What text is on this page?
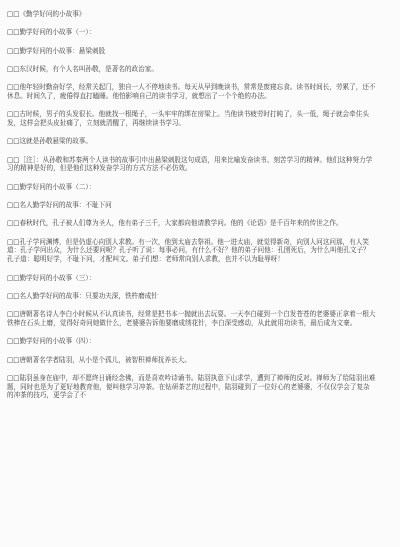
□□《勤学好问的小故事》

□□勤学好问的小故事（一）：

□□勤学好问的小故事：悬梁刺股

□□东汉时候，有个人名叫孙敬，是著名的政治家。

□□他年轻时勤奋好学，经常关起门，独自一人不停地读书。每天从早到晚读书，常常是废寝忘食。读书时间长，劳累了，还不休息。时间久了，疲倦得直打瞌睡。他怕影响自己的读书学习，就想出了一个个绝的办法。

□□古时候，男子的头发很长。他就找一根绳子，一头牢牢的绑在房梁上。当他读书疲劳时打盹了，头一低，绳子就会牵住头发，这样会把头皮扯痛了，立刻就清醒了，再继续读书学习。

□□这就是孙敬悬梁的故事。

□□［注］：从孙敬和苏秦两个人读书的故事引申出悬梁刺股这句成语，用来比喻发奋读书、刻苦学习的精神。他们这种努力学习的精神是好的，但是他们这种发奋学习的方式方法不必仿效。

□□勤学好问的小故事（二）：

□□名人勤学好问的故事：不耻下问

□□春秋时代，孔子被人们尊为圣人，他有弟子三千，大家都向他请教学问。他的《论语》是千百年来的传世之作。

□□孔子学问渊博，但是仍虚心向别人求教。有一次，他到太庙去祭祖。他一进太庙，就觉得新奇，向别人问这问那，有人笑道：孔子学问出众，为什么还要问呢？孔子听了说：每事必问，有什么不好？他的弟子问他：孔圉死后，为什么叫他孔文子？孔子道：聪明好学，不耻下问，才配叫文。弟子们想：老师常向别人求教，也并不以为耻辱呀！

□□勤学好问的小故事（三）：

□□名人勤学好问的故事：只要功夫深，铁杵磨成针

□□唐朝著名诗人李白小时候从不认真读书，经常是把书本一抛就出去玩耍。一天李白碰到一个白发苍苍的老婆婆正拿着一根大铁棒在石头上磨，觉得好奇问她做什么，老婆婆告诉他要磨成绣花针，李白深受感动，从此就用功读书，最后成为文豪。

□□勤学好问的小故事（四）：

□□唐朝著名学者陆羽，从小是个孤儿，被智积禅师抚养长大。

□□陆羽虽身在庙中，却不愿终日诵经念佛，而是喜欢吟诗诵书。陆羽执意下山求学，遭到了禅师的反对。禅师为了给陆羽出难题，同时也是为了更好地教育他，便叫他学习冲茶。在钻研茶艺的过程中，陆羽碰到了一位好心的老婆婆，不仅仅学会了复杂的冲茶的技巧，更学会了不
